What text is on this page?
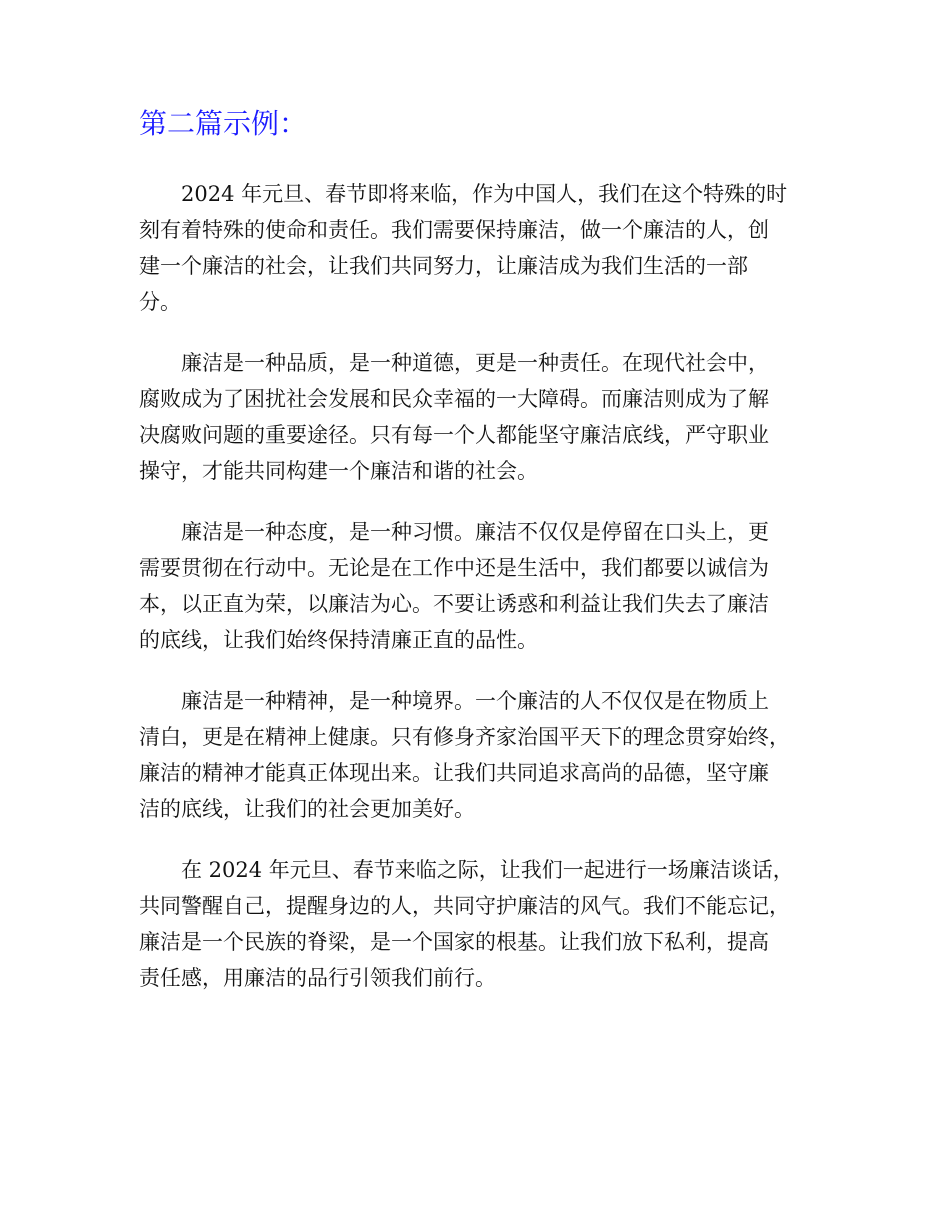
第二篇示例：

2024 年元旦、春节即将来临，作为中国人，我们在这个特殊的时
刻有着特殊的使命和责任。我们需要保持廉洁，做一个廉洁的人，创
建一个廉洁的社会，让我们共同努力，让廉洁成为我们生活的一部
分。

廉洁是一种品质，是一种道德，更是一种责任。在现代社会中，
腐败成为了困扰社会发展和民众幸福的一大障碍。而廉洁则成为了解
决腐败问题的重要途径。只有每一个人都能坚守廉洁底线，严守职业
操守，才能共同构建一个廉洁和谐的社会。

廉洁是一种态度，是一种习惯。廉洁不仅仅是停留在口头上，更
需要贯彻在行动中。无论是在工作中还是生活中，我们都要以诚信为
本，以正直为荣，以廉洁为心。不要让诱惑和利益让我们失去了廉洁
的底线，让我们始终保持清廉正直的品性。

廉洁是一种精神，是一种境界。一个廉洁的人不仅仅是在物质上
清白，更是在精神上健康。只有修身齐家治国平天下的理念贯穿始终，
廉洁的精神才能真正体现出来。让我们共同追求高尚的品德，坚守廉
洁的底线，让我们的社会更加美好。

在 2024 年元旦、春节来临之际，让我们一起进行一场廉洁谈话，
共同警醒自己，提醒身边的人，共同守护廉洁的风气。我们不能忘记，
廉洁是一个民族的脊梁，是一个国家的根基。让我们放下私利，提高
责任感，用廉洁的品行引领我们前行。
